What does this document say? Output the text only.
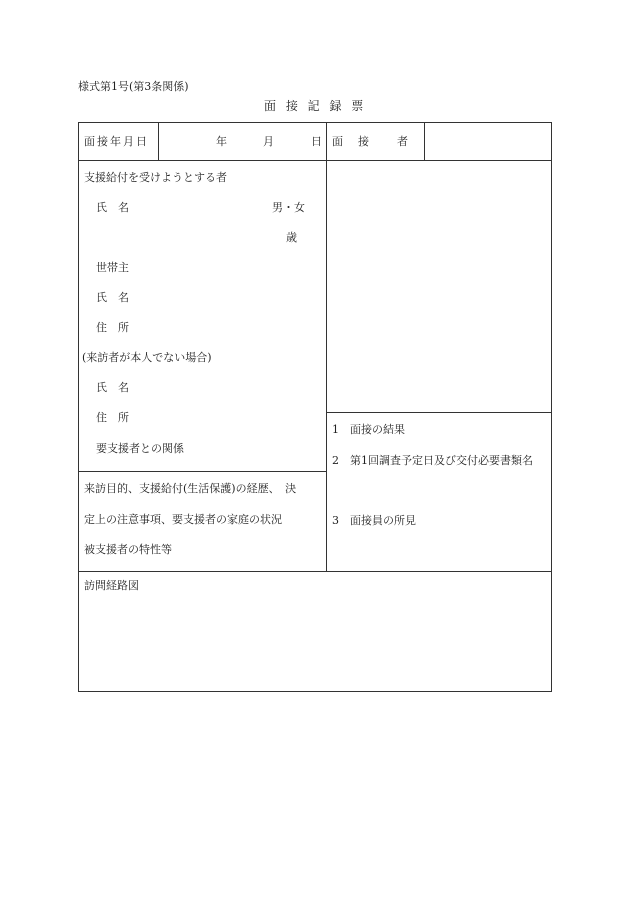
様式第1号(第3条関係)
面 接 記 録 票
面接年月日	年	月	日 面　接　　者
支援給付を受けようとする者
氏　名	男・女
歳
世帯主
氏　名
住　所
(来訪者が本人でない場合)
氏　名
住　所
要支援者との関係
1　面接の結果
2　第1回調査予定日及び交付必要書類名
3　面接員の所見
来訪目的、支援給付(生活保護)の経歴、　決
定上の注意事項、要支援者の家庭の状況
被支援者の特性等
訪問経路図
